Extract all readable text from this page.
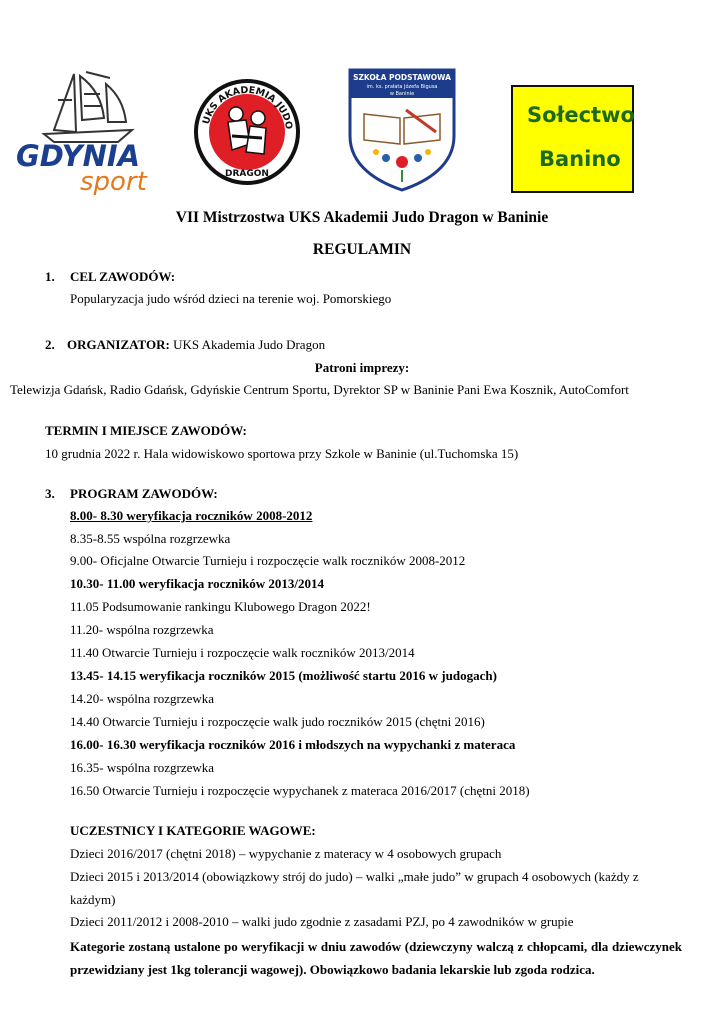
GDYNIA
sport
UKS AKADEMIA JUDO
DRAGON
SZKOŁA PODSTAWOWA
im. ks. prałata Józefa Bigusa
w Baninie
Sołectwo
Banino
VII Mistrzostwa UKS Akademii Judo Dragon w Baninie
REGULAMIN
1. CEL ZAWODÓW:
Popularyzacja judo wśród dzieci na terenie woj. Pomorskiego
2. ORGANIZATOR: UKS Akademia Judo Dragon
Patroni imprezy:
Telewizja Gdańsk, Radio Gdańsk, Gdyńskie Centrum Sportu, Dyrektor SP w Baninie Pani Ewa Kosznik, AutoComfort
TERMIN I MIEJSCE ZAWODÓW:
10 grudnia 2022 r. Hala widowiskowo sportowa przy Szkole w Baninie (ul.Tuchomska 15)
3. PROGRAM ZAWODÓW:
8.00- 8.30 weryfikacja roczników 2008-2012
8.35-8.55 wspólna rozgrzewka
9.00- Oficjalne Otwarcie Turnieju i rozpoczęcie walk roczników 2008-2012
10.30- 11.00 weryfikacja roczników 2013/2014
11.05 Podsumowanie rankingu Klubowego Dragon 2022!
11.20- wspólna rozgrzewka
11.40 Otwarcie Turnieju i rozpoczęcie walk roczników 2013/2014
13.45- 14.15 weryfikacja roczników 2015 (możliwość startu 2016 w judogach)
14.20- wspólna rozgrzewka
14.40 Otwarcie Turnieju i rozpoczęcie walk judo roczników 2015 (chętni 2016)
16.00- 16.30 weryfikacja roczników 2016 i młodszych na wypychanki z materaca
16.35- wspólna rozgrzewka
16.50 Otwarcie Turnieju i rozpoczęcie wypychanek z materaca 2016/2017 (chętni 2018)
UCZESTNICY I KATEGORIE WAGOWE:
Dzieci 2016/2017 (chętni 2018) – wypychanie z materacy w 4 osobowych grupach
Dzieci 2015 i 2013/2014 (obowiązkowy strój do judo) – walki „małe judo” w grupach 4 osobowych (każdy z każdym)
Dzieci 2011/2012 i 2008-2010 – walki judo zgodnie z zasadami PZJ, po 4 zawodników w grupie
Kategorie zostaną ustalone po weryfikacji w dniu zawodów (dziewczyny walczą z chłopcami, dla dziewczynek przewidziany jest 1kg tolerancji wagowej). Obowiązkowo badania lekarskie lub zgoda rodzica.
